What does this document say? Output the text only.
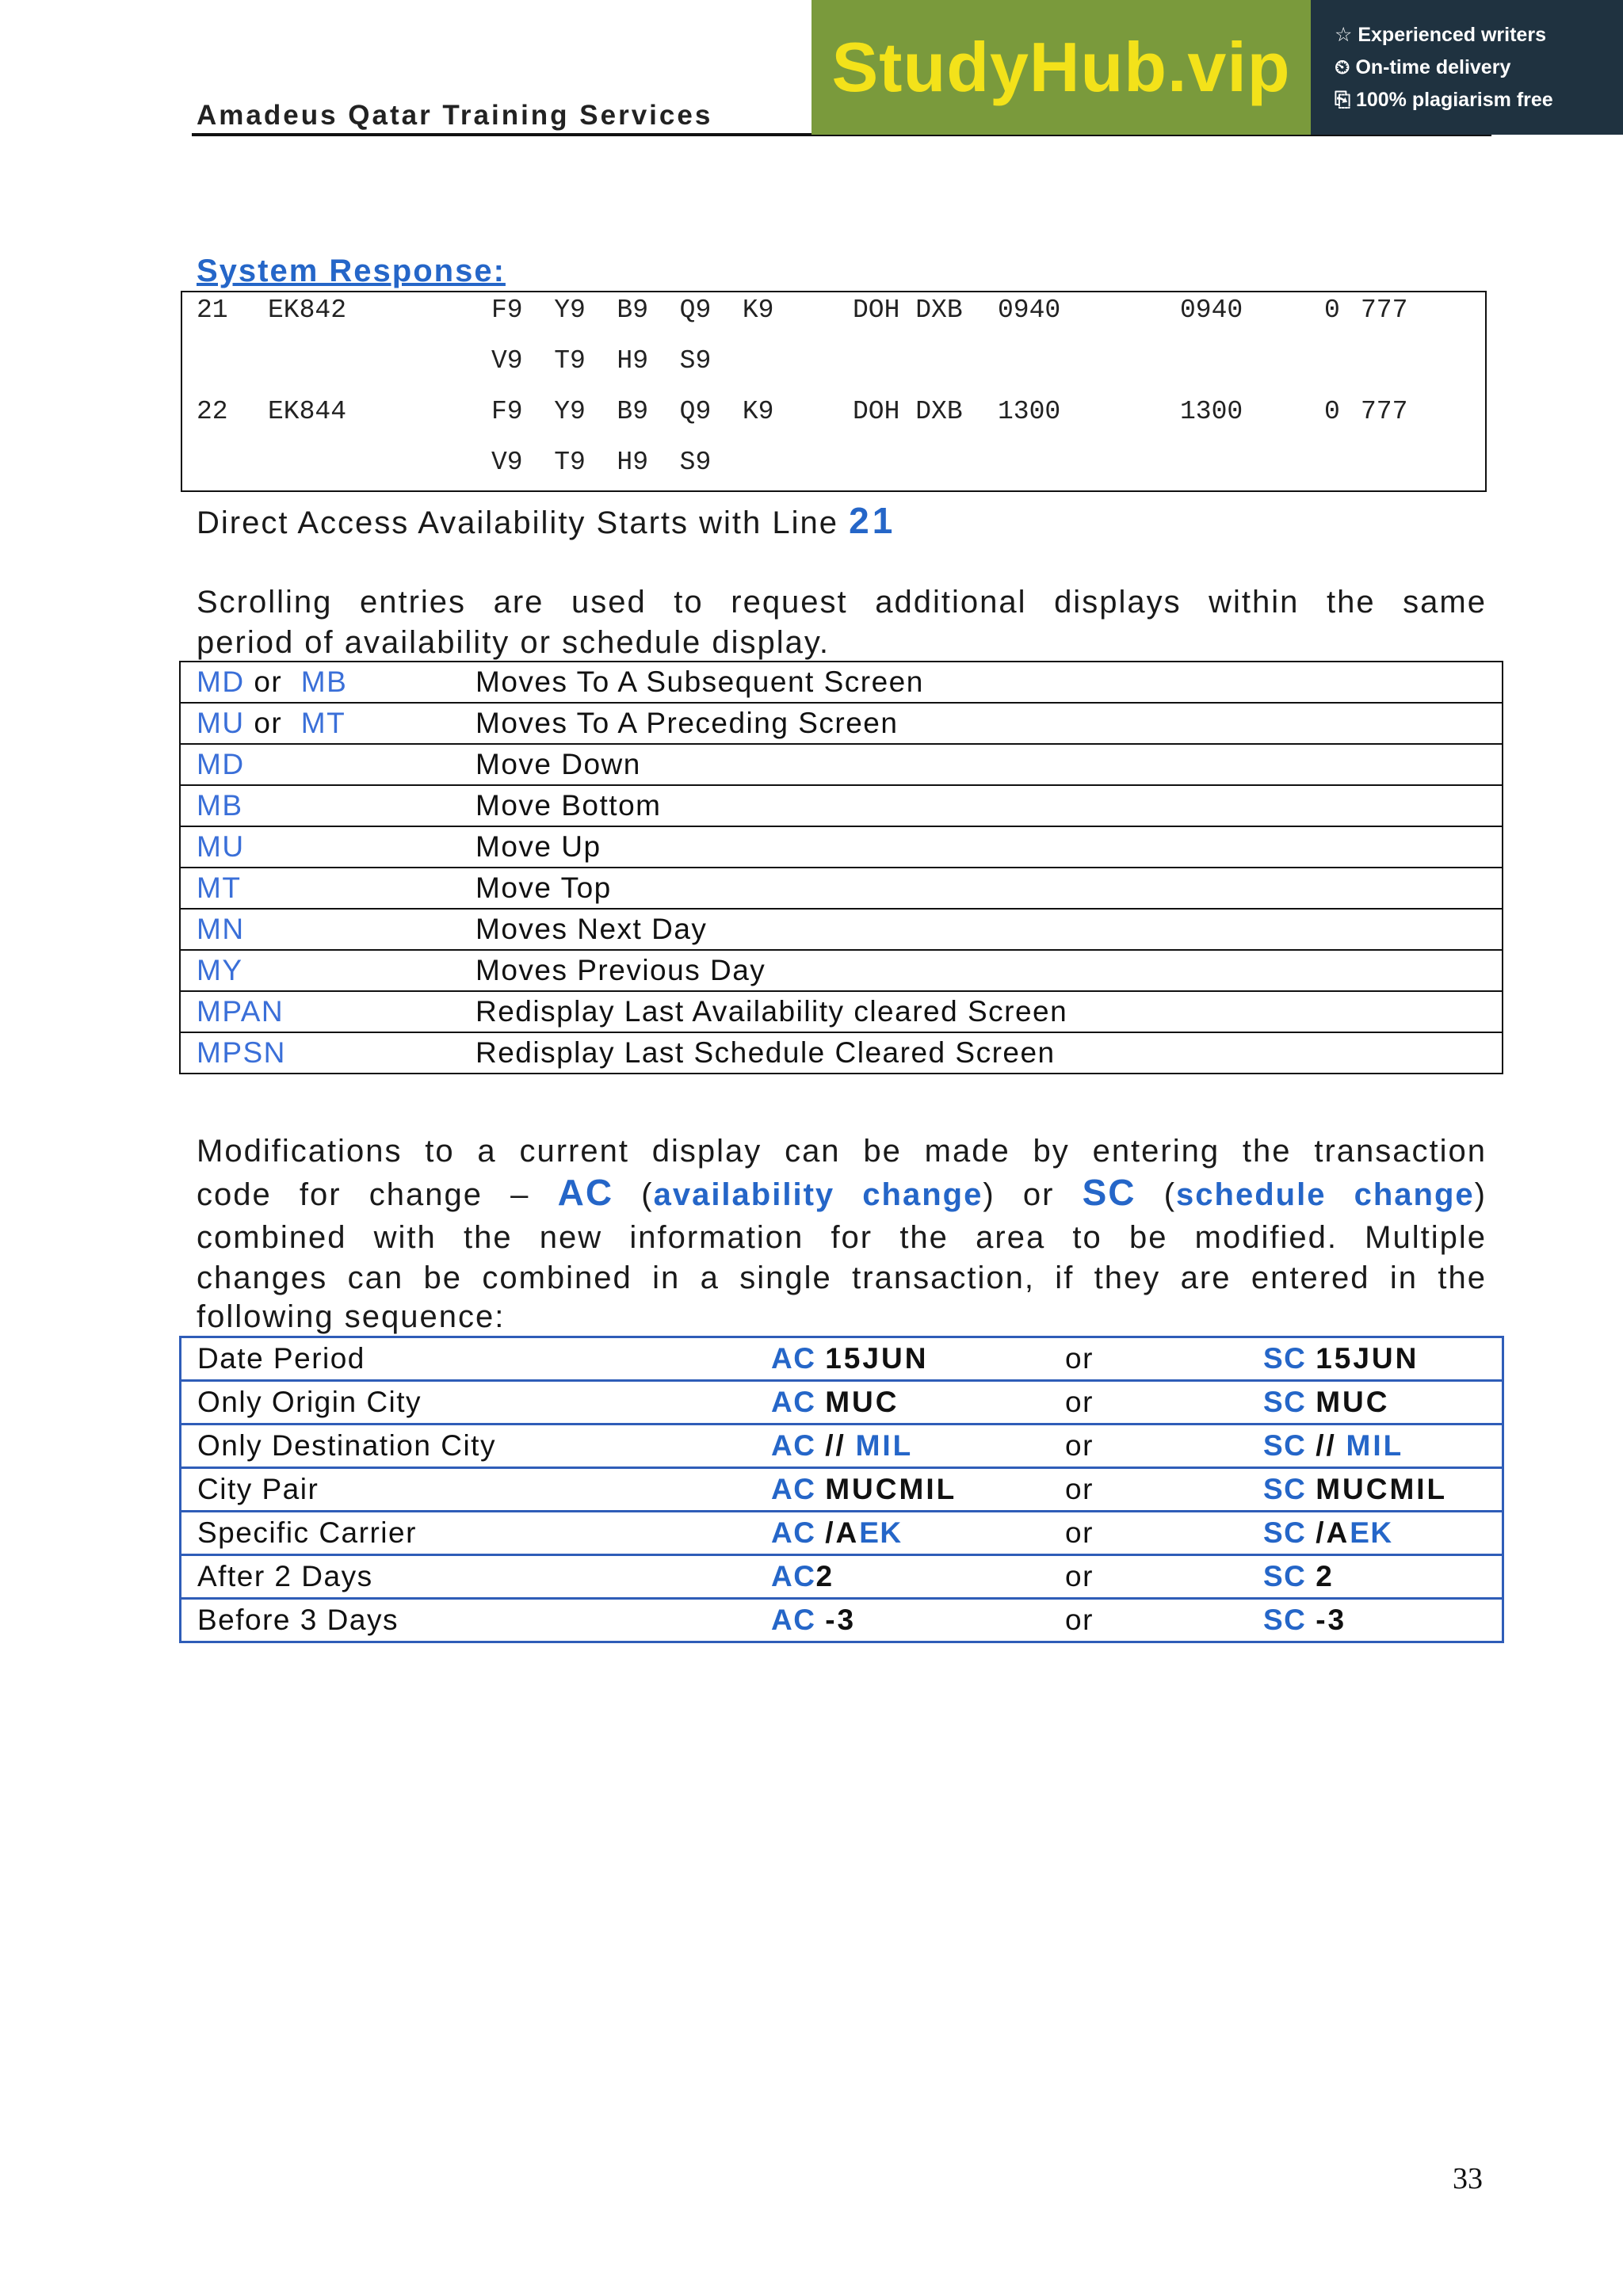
Amadeus Qatar Training Services
StudyHub.vip ☆ Experienced writers
⏲ On-time delivery
⎘ 100% plagiarism free
System Response:
21 EK842	F9  Y9  B9  Q9  K9	DOH DXB 0940	0940	0 777
V9  T9  H9  S9
22 EK844	F9  Y9  B9  Q9  K9	DOH DXB 1300	1300	0 777
V9  T9  H9  S9
Direct Access Availability Starts with Line 21
Scrolling entries are used to request additional displays within the same
period of availability or schedule display.
MD or MB	Moves To A Subsequent Screen
MU or MT	Moves To A Preceding Screen
MD	Move Down
MB	Move Bottom
MU	Move Up
MT	Move Top
MN	Moves Next Day
MY	Moves Previous Day
MPAN	Redisplay Last Availability cleared Screen
MPSN	Redisplay Last Schedule Cleared Screen
Modifications to a current display can be made by entering the transaction
code for change – AC (availability change) or SC (schedule change)
combined with the new information for the area to be modified. Multiple
changes can be combined in a single transaction, if they are entered in the
following sequence:
Date Period	AC 15JUN	or	SC 15JUN
Only Origin City	AC MUC	or	SC MUC
Only Destination City	AC // MIL	or	SC // MIL
City Pair	AC MUCMIL	or	SC MUCMIL
Specific Carrier	AC /AEK	or	SC /AEK
After 2 Days	AC2	or	SC 2
Before 3 Days	AC -3	or	SC -3
33
